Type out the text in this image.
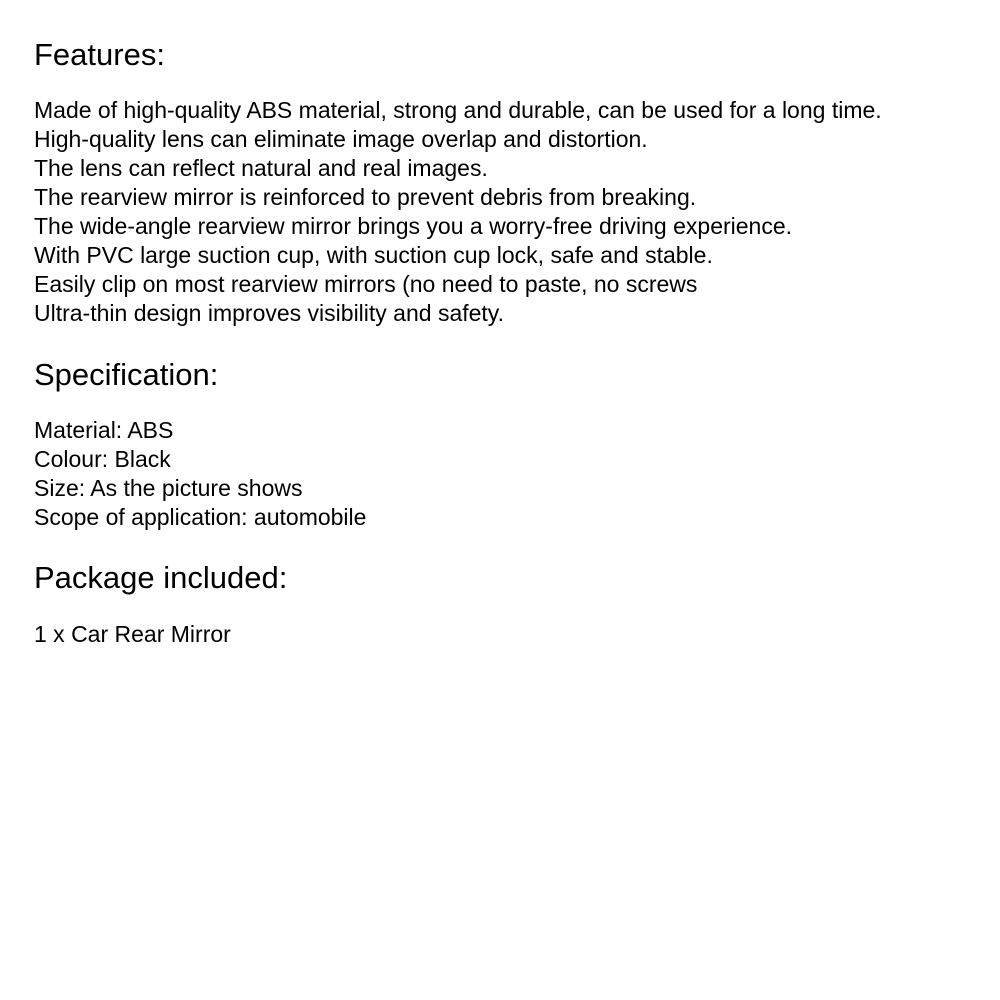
Features:
Made of high-quality ABS material, strong and durable, can be used for a long time.
High-quality lens can eliminate image overlap and distortion.
The lens can reflect natural and real images.
The rearview mirror is reinforced to prevent debris from breaking.
The wide-angle rearview mirror brings you a worry-free driving experience.
With PVC large suction cup, with suction cup lock, safe and stable.
Easily clip on most rearview mirrors (no need to paste, no screws
Ultra-thin design improves visibility and safety.
Specification:
Material: ABS
Colour: Black
Size: As the picture shows
Scope of application: automobile
Package included:
1 x Car Rear Mirror
